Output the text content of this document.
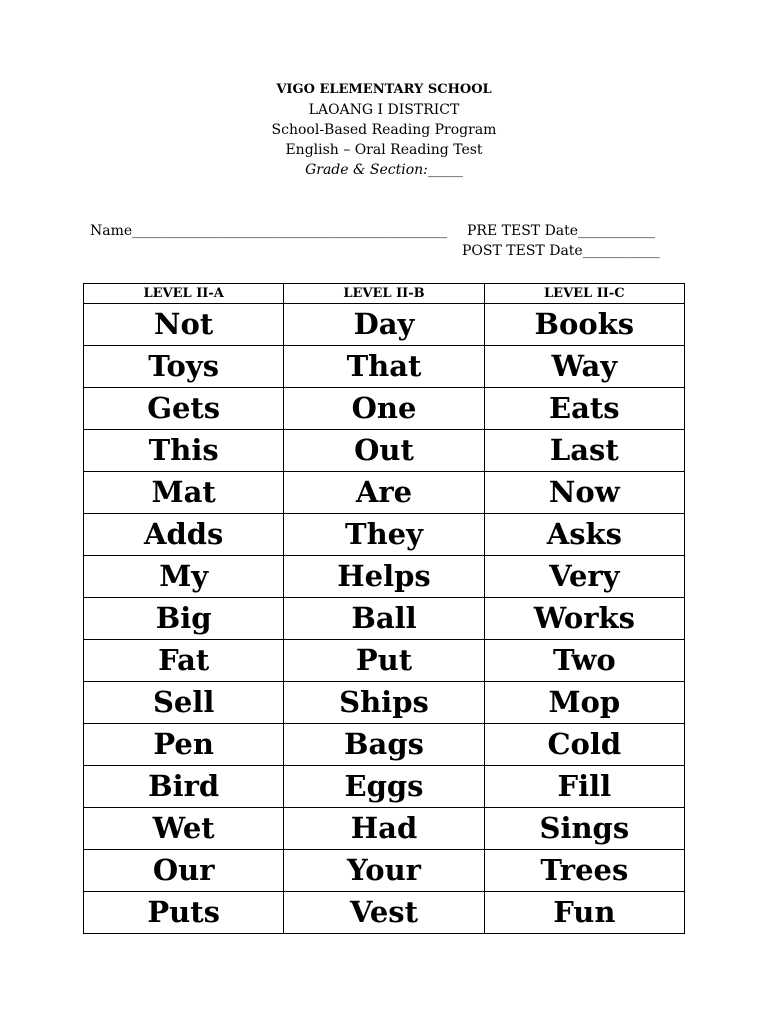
VIGO ELEMENTARY SCHOOL
LAOANG I DISTRICT
School-Based Reading Program
English – Oral Reading Test
Grade & Section:_____
Name_____________________________________________ PRE TEST Date___________
POST TEST Date___________
LEVEL II-A	LEVEL II-B	LEVEL II-C
Not	Day	Books
Toys	That	Way
Gets	One	Eats
This	Out	Last
Mat	Are	Now
Adds	They	Asks
My	Helps	Very
Big	Ball	Works
Fat	Put	Two
Sell	Ships	Mop
Pen	Bags	Cold
Bird	Eggs	Fill
Wet	Had	Sings
Our	Your	Trees
Puts	Vest	Fun
